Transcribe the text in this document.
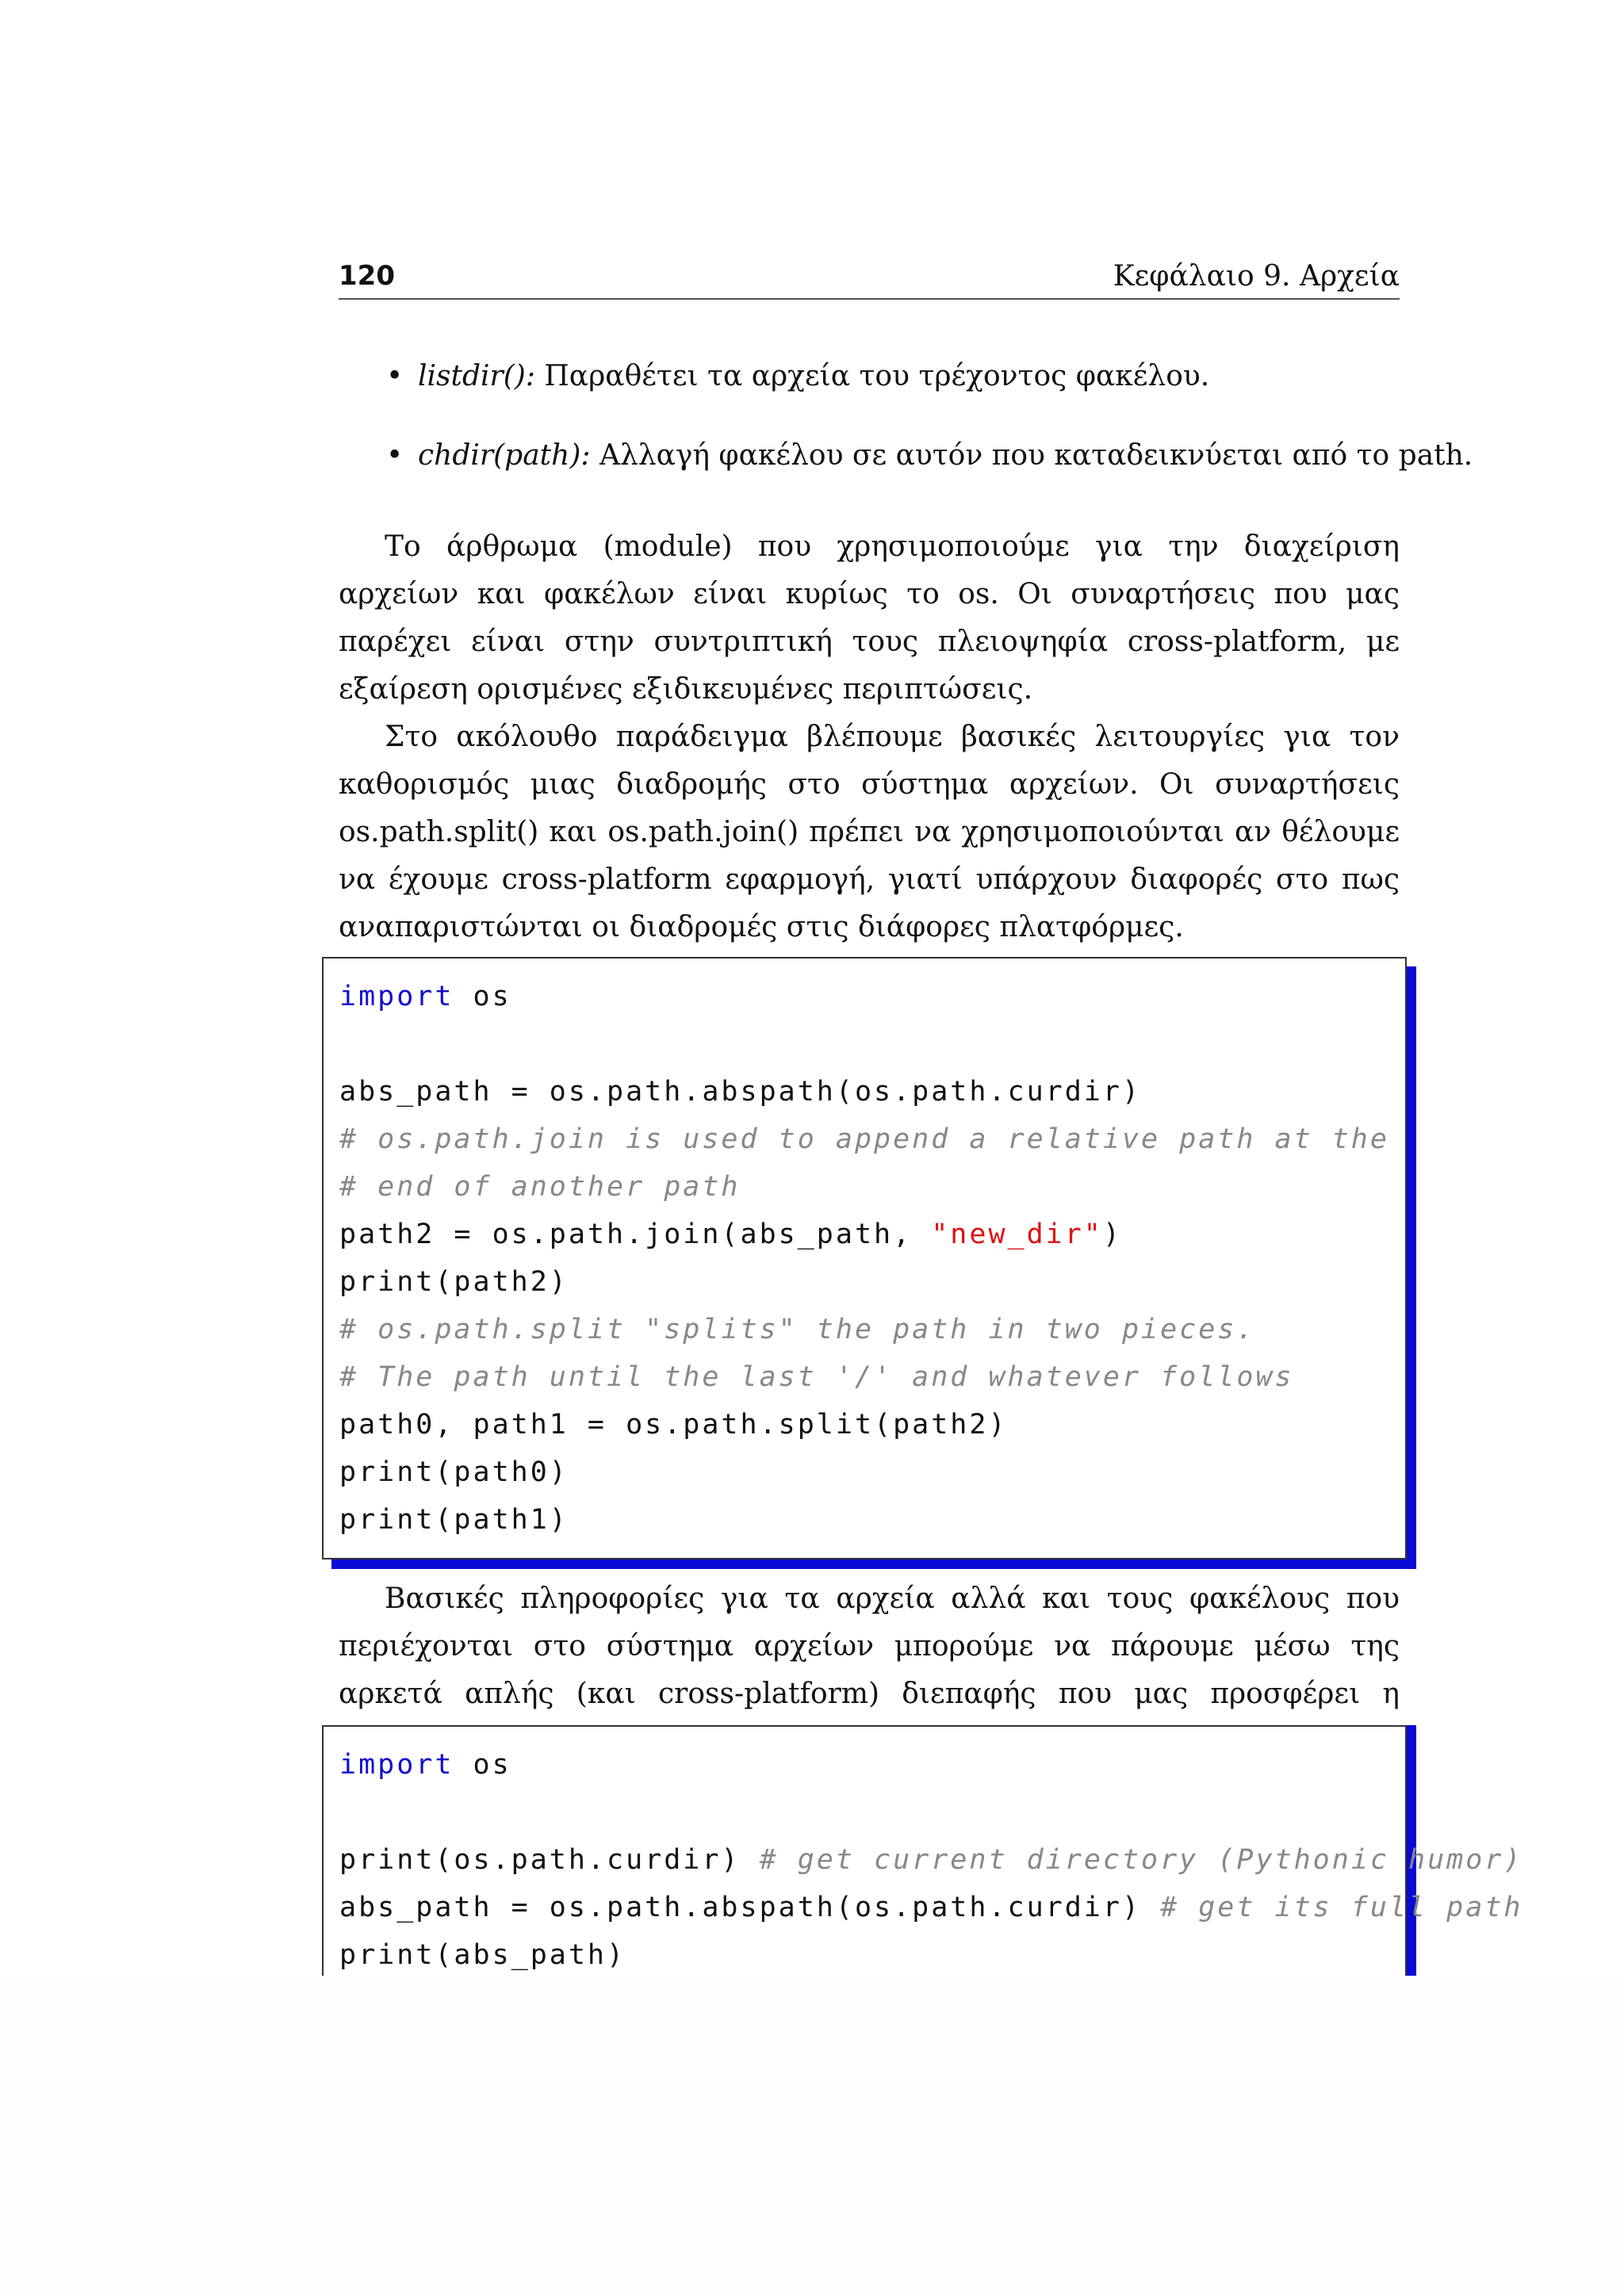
120	Κεφάλαιο 9. Αρχεία
• listdir(): Παραθέτει τα αρχεία του τρέχοντος φακέλου.
• chdir(path): Αλλαγή φακέλου σε αυτόν που καταδεικνύεται από το path.

Το άρθρωμα (module) που χρησιμοποιούμε για την διαχείριση αρχείων και φακέλων είναι κυρίως το os. Οι συναρτήσεις που μας παρέχει είναι στην συντριπτική τους πλειοψηφία cross-platform, με εξαίρεση ορισμένες εξιδικευμένες περιπτώσεις.

Στο ακόλουθο παράδειγμα βλέπουμε βασικές λειτουργίες για τον καθορισμός μιας διαδρομής στο σύστημα αρχείων. Οι συναρτήσεις os.path.split() και os.path.join() πρέπει να χρησιμοποιούνται αν θέλουμε να έχουμε cross-platform εφαρμογή, γιατί υπάρχουν διαφορές στο πως αναπαριστώνται οι διαδρομές στις διάφορες πλατφόρμες.

import os
abs_path = os.path.abspath(os.path.curdir)
# os.path.join is used to append a relative path at the
# end of another path
path2 = os.path.join(abs_path, "new_dir")
print(path2)
# os.path.split "splits" the path in two pieces.
# The path until the last '/' and whatever follows
path0, path1 = os.path.split(path2)
print(path0)
print(path1)

Βασικές πληροφορίες για τα αρχεία αλλά και τους φακέλους που περιέχονται στο σύστημα αρχείων μπορούμε να πάρουμε μέσω της αρκετά απλής (και cross-platform) διεπαφής που μας προσφέρει η

import os
print(os.path.curdir) # get current directory (Pythonic humor)
abs_path = os.path.abspath(os.path.curdir) # get its full path
print(abs_path)
